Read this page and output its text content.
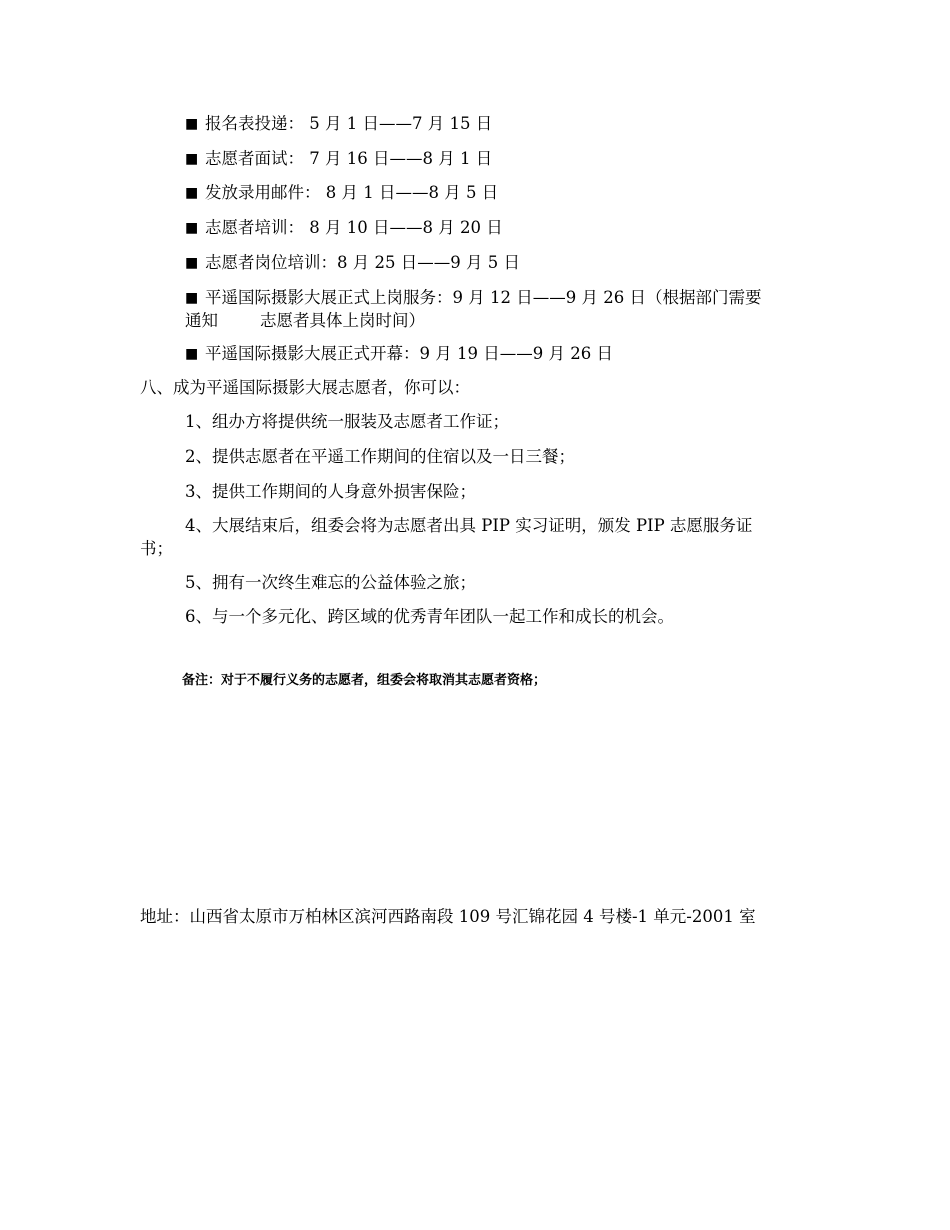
■ 报名表投递： 5 月 1 日——7 月 15 日
■ 志愿者面试： 7 月 16 日——8 月 1 日
■ 发放录用邮件： 8 月 1 日——8 月 5 日
■ 志愿者培训： 8 月 10 日——8 月 20 日
■ 志愿者岗位培训：8 月 25 日——9 月 5 日
■ 平遥国际摄影大展正式上岗服务：9 月 12 日——9 月 26 日（根据部门需要
通知        志愿者具体上岗时间）
■ 平遥国际摄影大展正式开幕：9 月 19 日——9 月 26 日
八、成为平遥国际摄影大展志愿者，你可以：
1、组办方将提供统一服装及志愿者工作证；
2、提供志愿者在平遥工作期间的住宿以及一日三餐；
3、提供工作期间的人身意外损害保险；
4、大展结束后，组委会将为志愿者出具 PIP 实习证明，颁发 PIP 志愿服务证
书；
5、拥有一次终生难忘的公益体验之旅；
6、与一个多元化、跨区域的优秀青年团队一起工作和成长的机会。
备注：对于不履行义务的志愿者，组委会将取消其志愿者资格；
地址：山西省太原市万柏林区滨河西路南段 109 号汇锦花园 4 号楼-1 单元-2001 室
